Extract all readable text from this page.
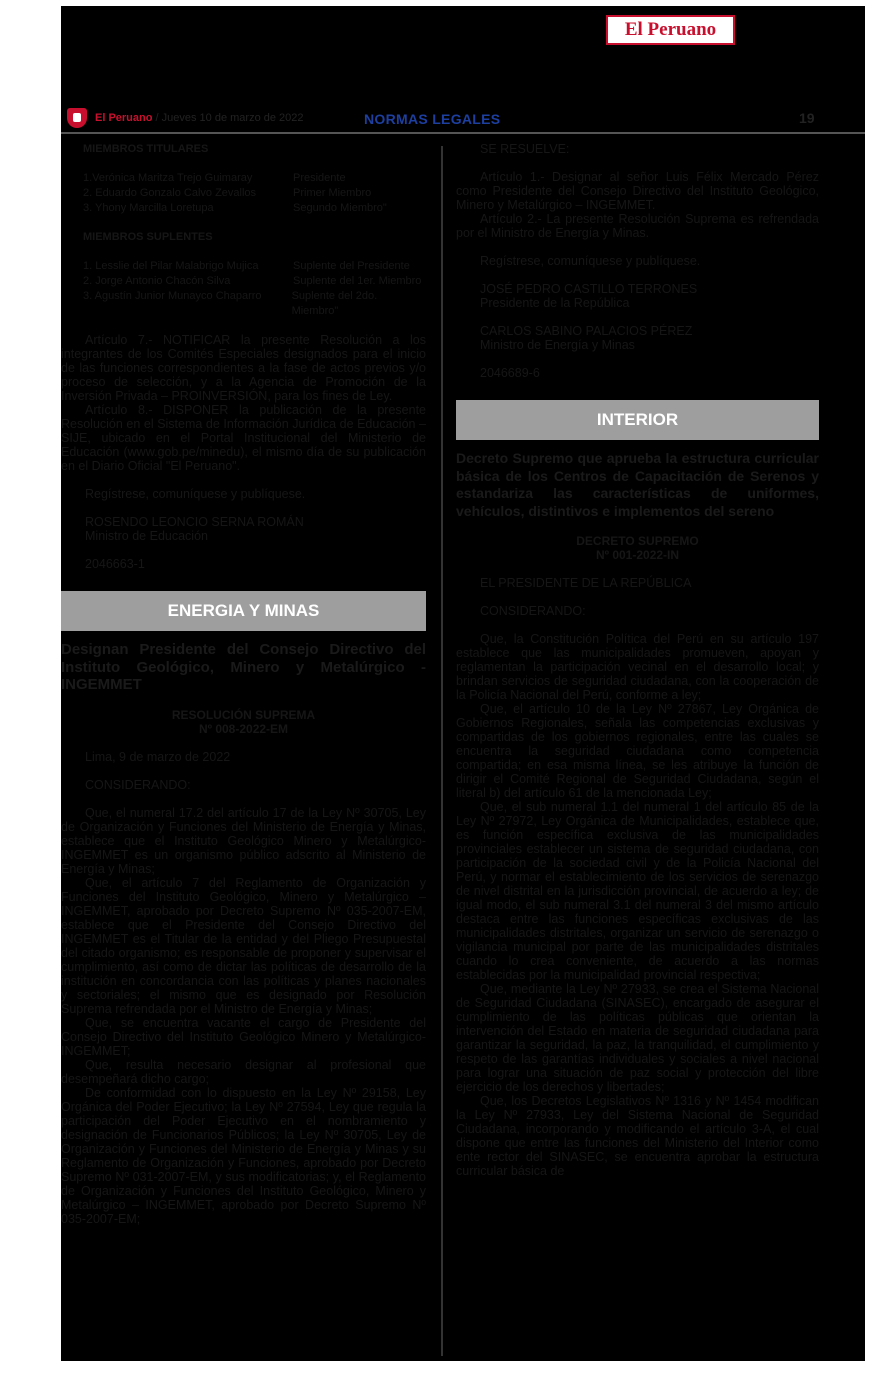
El Peruano
El Peruano / Jueves 10 de marzo de 2022	NORMAS LEGALES	19
MIEMBROS TITULARES
1.Verónica Maritza Trejo Guimaray	Presidente
2. Eduardo Gonzalo Calvo Zevallos	Primer Miembro
3. Yhony Marcilla Loretupa	Segundo Miembro"
MIEMBROS SUPLENTES
1. Lesslie del Pilar Malabrigo Mujica	Suplente del Presidente
2. Jorge Antonio Chacón Silva	Suplente del 1er. Miembro
3. Agustín Junior Munayco Chaparro	Suplente del 2do. Miembro"

Artículo 7.- NOTIFICAR la presente Resolución a los integrantes de los Comités Especiales designados para el inicio de las funciones correspondientes a la fase de actos previos y/o proceso de selección, y a la Agencia de Promoción de la Inversión Privada – PROINVERSIÓN, para los fines de Ley.

Artículo 8.- DISPONER la publicación de la presente Resolución en el Sistema de Información Jurídica de Educación – SIJE, ubicado en el Portal Institucional del Ministerio de Educación (www.gob.pe/minedu), el mismo día de su publicación en el Diario Oficial "El Peruano".

Regístrese, comuníquese y publíquese.

ROSENDO LEONCIO SERNA ROMÁN

Ministro de Educación

2046663-1

ENERGIA Y MINAS
Designan Presidente del Consejo Directivo del Instituto Geológico, Minero y Metalúrgico - INGEMMET
RESOLUCIÓN SUPREMA
Nº 008-2022-EM

Lima, 9 de marzo de 2022

CONSIDERANDO:

Que, el numeral 17.2 del artículo 17 de la Ley Nº 30705, Ley de Organización y Funciones del Ministerio de Energía y Minas, establece que el Instituto Geológico Minero y Metalúrgico-INGEMMET es un organismo público adscrito al Ministerio de Energía y Minas;

Que, el artículo 7 del Reglamento de Organización y Funciones del Instituto Geológico, Minero y Metalúrgico – INGEMMET, aprobado por Decreto Supremo Nº 035-2007-EM, establece que el Presidente del Consejo Directivo del INGEMMET es el Titular de la entidad y del Pliego Presupuestal del citado organismo; es responsable de proponer y supervisar el cumplimiento, así como de dictar las políticas de desarrollo de la institución en concordancia con las políticas y planes nacionales y sectoriales; el mismo que es designado por Resolución Suprema refrendada por el Ministro de Energía y Minas;

Que, se encuentra vacante el cargo de Presidente del Consejo Directivo del Instituto Geológico Minero y Metalúrgico-INGEMMET;

Que, resulta necesario designar al profesional que desempeñará dicho cargo;

De conformidad con lo dispuesto en la Ley Nº 29158, Ley Orgánica del Poder Ejecutivo; la Ley Nº 27594, Ley que regula la participación del Poder Ejecutivo en el nombramiento y designación de Funcionarios Públicos; la Ley Nº 30705, Ley de Organización y Funciones del Ministerio de Energía y Minas y su Reglamento de Organización y Funciones, aprobado por Decreto Supremo Nº 031-2007-EM, y sus modificatorias; y, el Reglamento de Organización y Funciones del Instituto Geológico, Minero y Metalúrgico – INGEMMET, aprobado por Decreto Supremo Nº 035-2007-EM;

SE RESUELVE:

Artículo 1.- Designar al señor Luis Félix Mercado Pérez como Presidente del Consejo Directivo del Instituto Geológico, Minero y Metalúrgico – INGEMMET.

Artículo 2.- La presente Resolución Suprema es refrendada por el Ministro de Energía y Minas.

Regístrese, comuníquese y publíquese.

JOSÉ PEDRO CASTILLO TERRONES

Presidente de la República

CARLOS SABINO PALACIOS PÉREZ

Ministro de Energía y Minas

2046689-6

INTERIOR
Decreto Supremo que aprueba la estructura curricular básica de los Centros de Capacitación de Serenos y estandariza las características de uniformes, vehículos, distintivos e implementos del sereno
DECRETO SUPREMO
Nº 001-2022-IN

EL PRESIDENTE DE LA REPÚBLICA

CONSIDERANDO:

Que, la Constitución Política del Perú en su artículo 197 establece que las municipalidades promueven, apoyan y reglamentan la participación vecinal en el desarrollo local; y brindan servicios de seguridad ciudadana, con la cooperación de la Policía Nacional del Perú, conforme a ley;

Que, el artículo 10 de la Ley Nº 27867, Ley Orgánica de Gobiernos Regionales, señala las competencias exclusivas y compartidas de los gobiernos regionales, entre las cuales se encuentra la seguridad ciudadana como competencia compartida; en esa misma línea, se les atribuye la función de dirigir el Comité Regional de Seguridad Ciudadana, según el literal b) del artículo 61 de la mencionada Ley;

Que, el sub numeral 1.1 del numeral 1 del artículo 85 de la Ley Nº 27972, Ley Orgánica de Municipalidades, establece que, es función específica exclusiva de las municipalidades provinciales establecer un sistema de seguridad ciudadana, con participación de la sociedad civil y de la Policía Nacional del Perú, y normar el establecimiento de los servicios de serenazgo de nivel distrital en la jurisdicción provincial, de acuerdo a ley; de igual modo, el sub numeral 3.1 del numeral 3 del mismo artículo destaca entre las funciones específicas exclusivas de las municipalidades distritales, organizar un servicio de serenazgo o vigilancia municipal por parte de las municipalidades distritales cuando lo crea conveniente, de acuerdo a las normas establecidas por la municipalidad provincial respectiva;

Que, mediante la Ley Nº 27933, se crea el Sistema Nacional de Seguridad Ciudadana (SINASEC), encargado de asegurar el cumplimiento de las políticas públicas que orientan la intervención del Estado en materia de seguridad ciudadana para garantizar la seguridad, la paz, la tranquilidad, el cumplimiento y respeto de las garantías individuales y sociales a nivel nacional para lograr una situación de paz social y protección del libre ejercicio de los derechos y libertades;

Que, los Decretos Legislativos Nº 1316 y Nº 1454 modifican la Ley Nº 27933, Ley del Sistema Nacional de Seguridad Ciudadana, incorporando y modificando el artículo 3-A, el cual dispone que entre las funciones del Ministerio del Interior como ente rector del SINASEC, se encuentra aprobar la estructura curricular básica de
